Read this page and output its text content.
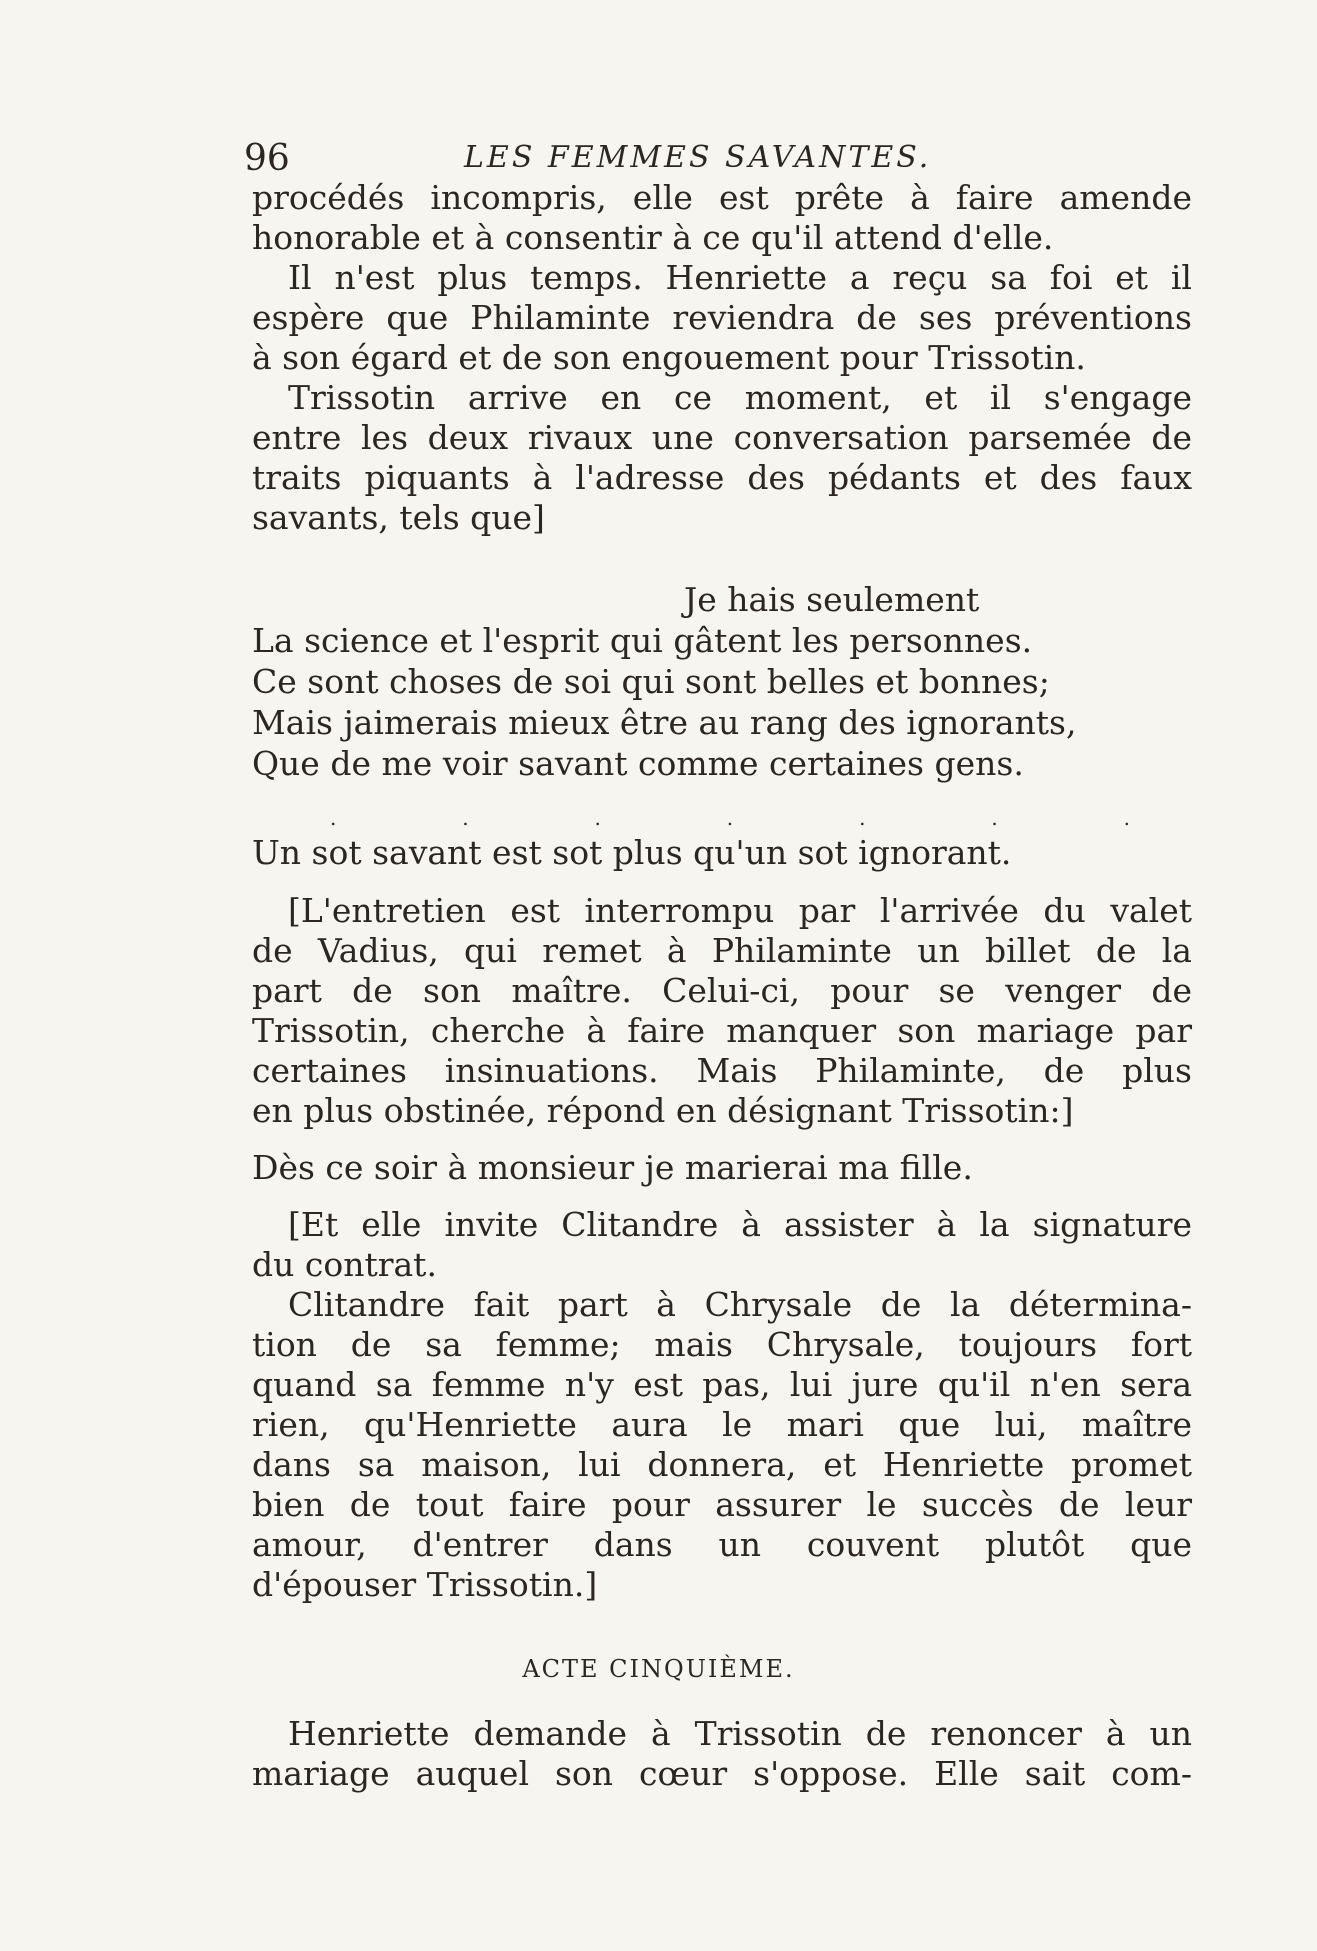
96	LES FEMMES SAVANTES.
procédés incompris, elle est prête à faire amende
honorable et à consentir à ce qu'il attend d'elle.
Il n'est plus temps. Henriette a reçu sa foi et il
espère que Philaminte reviendra de ses préventions
à son égard et de son engouement pour Trissotin.
Trissotin arrive en ce moment, et il s'engage
entre les deux rivaux une conversation parsemée de
traits piquants à l'adresse des pédants et des faux
savants, tels que]
Je hais seulement
La science et l'esprit qui gâtent les personnes.
Ce sont choses de soi qui sont belles et bonnes;
Mais jaimerais mieux être au rang des ignorants,
Que de me voir savant comme certaines gens.
.	.	.	.	.	.	.
Un sot savant est sot plus qu'un sot ignorant.
[L'entretien est interrompu par l'arrivée du valet
de Vadius, qui remet à Philaminte un billet de la
part de son maître. Celui-ci, pour se venger de
Trissotin, cherche à faire manquer son mariage par
certaines insinuations. Mais Philaminte, de plus
en plus obstinée, répond en désignant Trissotin:]
Dès ce soir à monsieur je marierai ma fille.
[Et elle invite Clitandre à assister à la signature
du contrat.
Clitandre fait part à Chrysale de la détermina-
tion de sa femme; mais Chrysale, toujours fort
quand sa femme n'y est pas, lui jure qu'il n'en sera
rien, qu'Henriette aura le mari que lui, maître
dans sa maison, lui donnera, et Henriette promet
bien de tout faire pour assurer le succès de leur
amour, d'entrer dans un couvent plutôt que
d'épouser Trissotin.]
ACTE CINQUIÈME.
Henriette demande à Trissotin de renoncer à un
mariage auquel son cœur s'oppose. Elle sait com-
